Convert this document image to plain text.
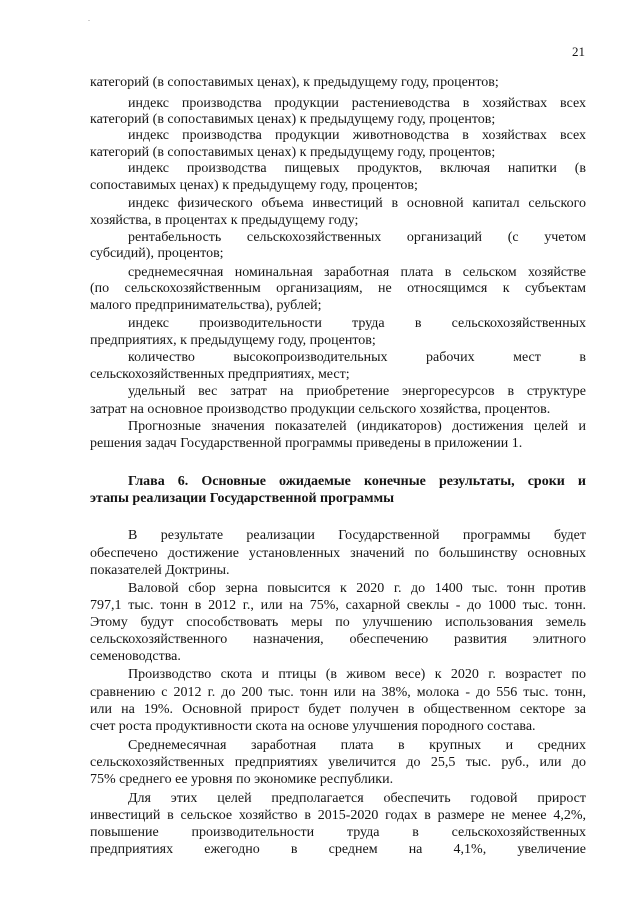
21
категорий (в сопоставимых ценах), к предыдущему году, процентов;
индекс производства продукции растениеводства в хозяйствах всех
категорий (в сопоставимых ценах) к предыдущему году, процентов;
индекс производства продукции животноводства в хозяйствах всех
категорий (в сопоставимых ценах) к предыдущему году, процентов;
индекс производства пищевых продуктов, включая напитки (в
сопоставимых ценах) к предыдущему году, процентов;
индекс физического объема инвестиций в основной капитал сельского
хозяйства, в процентах к предыдущему году;
рентабельность сельскохозяйственных организаций (с учетом
субсидий), процентов;
среднемесячная номинальная заработная плата в сельском хозяйстве
(по сельскохозяйственным организациям, не относящимся к субъектам
малого предпринимательства), рублей;
индекс производительности труда в сельскохозяйственных
предприятиях, к предыдущему году, процентов;
количество высокопроизводительных рабочих мест в
сельскохозяйственных предприятиях, мест;
удельный вес затрат на приобретение энергоресурсов в структуре
затрат на основное производство продукции сельского хозяйства, процентов.
Прогнозные значения показателей (индикаторов) достижения целей и
решения задач Государственной программы приведены в приложении 1.
Глава 6. Основные ожидаемые конечные результаты, сроки и
этапы реализации Государственной программы
В результате реализации Государственной программы будет
обеспечено достижение установленных значений по большинству основных
показателей Доктрины.
Валовой сбор зерна повысится к 2020 г. до 1400 тыс. тонн против
797,1 тыс. тонн в 2012 г., или на 75%, сахарной свеклы - до 1000 тыс. тонн.
Этому будут способствовать меры по улучшению использования земель
сельскохозяйственного назначения, обеспечению развития элитного
семеноводства.
Производство скота и птицы (в живом весе) к 2020 г. возрастет по
сравнению с 2012 г. до 200 тыс. тонн или на 38%, молока - до 556 тыс. тонн,
или на 19%. Основной прирост будет получен в общественном секторе за
счет роста продуктивности скота на основе улучшения породного состава.
Среднемесячная заработная плата в крупных и средних
сельскохозяйственных предприятиях увеличится до 25,5 тыс. руб., или до
75% среднего ее уровня по экономике республики.
Для этих целей предполагается обеспечить годовой прирост
инвестиций в сельское хозяйство в 2015-2020 годах в размере не менее 4,2%,
повышение производительности труда в сельскохозяйственных
предприятиях ежегодно в среднем на 4,1%, увеличение
